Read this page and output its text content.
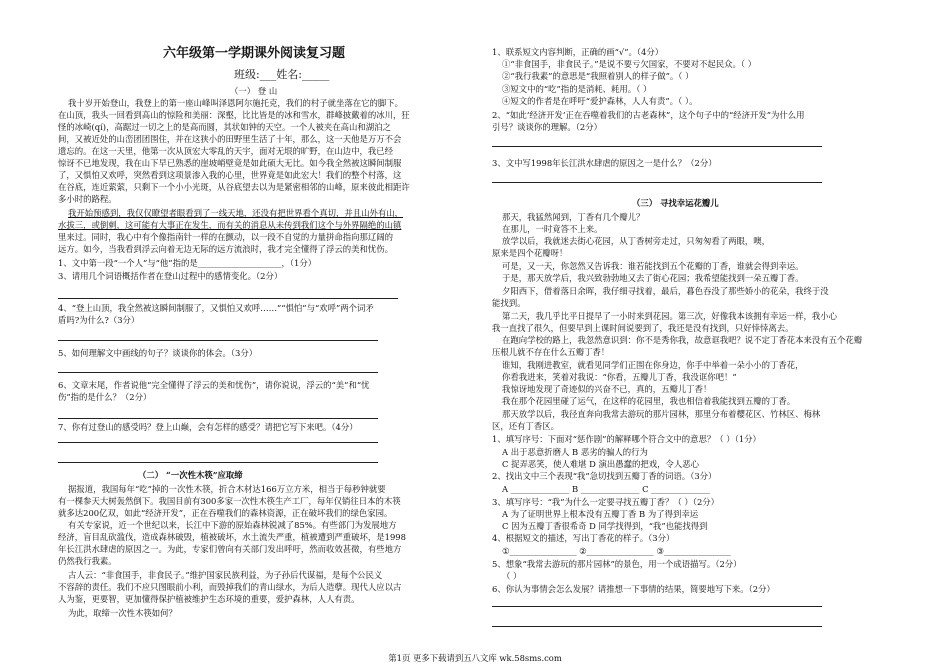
六年级第一学期课外阅读复习题
班级:___姓名:_____
（一） 登 山
我十岁开始登山，我登上的第一座山峰叫泽恩阿尔施托克，我们的村子就坐落在它的脚下。
在山顶，我头一回看到高山的惊险和美丽：深壑，比比皆是的冰和雪水，群峰披戴着的冰川，狂
怪的冰崎(qí)，高踞过一切之上的是高而圆，其状如钟的天空。一个人被夹在高山和湖泊之
间，又被近处的山峦团团围住，并在这狭小的田野里生活了十年，那么，这一天他是万万不会
遗忘的。在这一天里，他第一次从顶宏大零乱的天宇，面对无垠的旷野，在山边中，我已经
惊讶不已地发现，我在山下早已熟悉的崖坡峭壁竟是如此硕大无比。如今我全然被这瞬间制服
了，又惧怕又欢呼，突然看到这项景渗入我的心里，世界竟是如此宏大！我们的整个村落，这
在谷底，连近萦萦，只剩下一个小小光斑，从谷底望去以为是紧密相邻的山峰，原来彼此相距许
多小时的路程。
我开始预感到，我仅仅瞭望者眼看到了一线天地，还没有把世界看个真切，并且山外有山，
水拔三，或倒刺，这可能有大事正在发生，而有关的消息从未传到我们这个与外界隔绝的山镇
里来过。同时，我心中有个像指南针一样的在颤动，以一段不自觉的力量拼命指向那辽阔的
远方。如今，当我看到浮云向着无边无际的远方流浪时，我才完全懂得了浮云的美和忧伤。
1、文中第一段“一个人”与“他”指的是____________________，（1分）
3、请用几个词语概括作者在登山过程中的感情变化。（2分）
4、“登上山顶，我全然被这瞬间制服了，又惧怕又欢呼……”“惧怕”与“欢呼”两个词矛
盾吗?为什么?（3分）
5、如何理解文中画线的句子？谈谈你的体会。（3分）
6、文章末尾，作者说他“完全懂得了浮云的美和忧伤”，请你说说，浮云的“美”和“忧
伤”指的是什么？（2分）
7、你有过登山的感受吗？登上山巅，会有怎样的感受？请把它写下来吧。（4分）
（二） “一次性木筷”应取缔
据报道，我国每年“吃”掉的一次性木筷，折合木材达166万立方米，相当于每秒钟就要
有一棵参天大树轰然倒下。我国目前有300多家一次性木筷生产工厂，每年仅销往日本的木筷
就多达200亿双，如此“经济开发”，正在吞噬我们的森林资源，正在破坏我们的绿色家园。
有关专家说，近一个世纪以来，长江中下游的原始森林锐减了85%。有些部门为发展地方
经济，盲目乱砍滥伐，造成森林破毁，植被破坏，水土流失严重，植被遭到严重破坏，是1998
年长江洪水肆虐的原因之一。为此，专家们曾向有关部门发出呼吁，然而收效甚微，有些地方
仍然我行我素。
古人云：“非食国手，非食民子。”维护国家民族利益，为子孙后代谋福，是每个公民义
不容辞的责任。我们不应只图眼前小利，而毁掉我们的青山绿水，为后人造孽。现代人应以古
人为鉴，更要智，更加懂得保护植被维护生态环境的重要，爱护森林，人人有责。
为此，取缔一次性木筷如何？
1、联系短文内容判断，正确的画“√”。（4分）
①“非食国手，非食民子。”是说不要亏欠国家，不要对不起民众。（ ）
②“我行我素”的意思是“我照着别人的样子做”。（ ）
③短文中的“吃”指的是消耗、耗用。（ ）
④短文的作者是在呼吁“爱护森林，人人有责”。（ ）。
2、“如此‘经济开发’正在吞噬着我们的古老森林”，这个句子中的“经济开发”为什么用
引号？谈谈你的理解。（2分）
3、文中写1998年长江洪水肆虐的原因之一是什么？（2分）
（三） 寻找幸运花瓣儿
那天，我猛然闻到，丁香有几个瓣儿？
在那儿，一时竟答不上来。
放学以后，我就迷去街心花园，从丁香树旁走过，只匆匆看了两眼，噢，
原来是四个花瓣呀！
可是，又一天，你忽然又告诉我：谁若能找到五个花瓣的丁香，谁就会得到幸运。
于是，那天放学后，我兴致勃勃地又去了街心花园；我希望能找到一朵五瓣丁香。
夕阳西下，借着落日余晖，我仔细寻找着，最后，暮色吞没了那些娇小的花朵，我终于没
能找到。
第二天，我几乎比平日提早了一小时来到花园。第三次，好像我本该拥有幸运一样，我小心
我一直找了很久，但要早到上课时间说要到了，我还是没有找到，只好悻悻离去。
在跑向学校的路上，我忽然意识到：你不是秀你我，故意诓我吧？说不定丁香花本来没有五个花瓣
压根儿就不存在什么五瓣丁香！
谁知，我刚进教室，就看见同学们正围在你身边，你手中举着一朵小小的丁香花，
你看我进来，笑着对我说：“你看，五瓣儿丁香，我没诓你吧！”
我惊讶地发现了奇迹似的兴奋不已，真的，五瓣儿丁香！
我在那个花园里碰了运气，在这样的花园里，我也相信着我能找到五瓣的丁香。
那天放学以后，我径直奔向我常去游玩的那片园林，那里分布着樱花区、竹林区、梅林
区，还有丁香区。
1、填写序号：下面对“惩作剧”的解释哪个符合文中的意思？（ ）（1分）
A 出于恶意折磨人 B 恶劣的骗人的行为
C 捉弄恶笑，使人难堪 D 演出愚蠢的把戏，令人恶心
2、找出文中三个表现“我”急切找到五瓣丁香的词语。（3分）
A ______________ B ______________ C ______________
3、填写序号：“我”为什么一定要寻找五瓣丁香？（ ）（2分）
A 为了证明世界上根本没有五瓣丁香 B 为了得到幸运
C 因为五瓣丁香很希奇 D 同学找得到，“我”也能找得到
4、根据短文的描述，写出丁香花的样子。（3分）
①________________ ②________________ ③________________
5、想象“我常去游玩的那片园林”的景色，用一个成语描写。（2分）
（ ）
6、你认为事情会怎么发展？请推想一下事情的结果，简要地写下来。（2分）
第1页 更多下载请到五八文库 wk.58sms.com
